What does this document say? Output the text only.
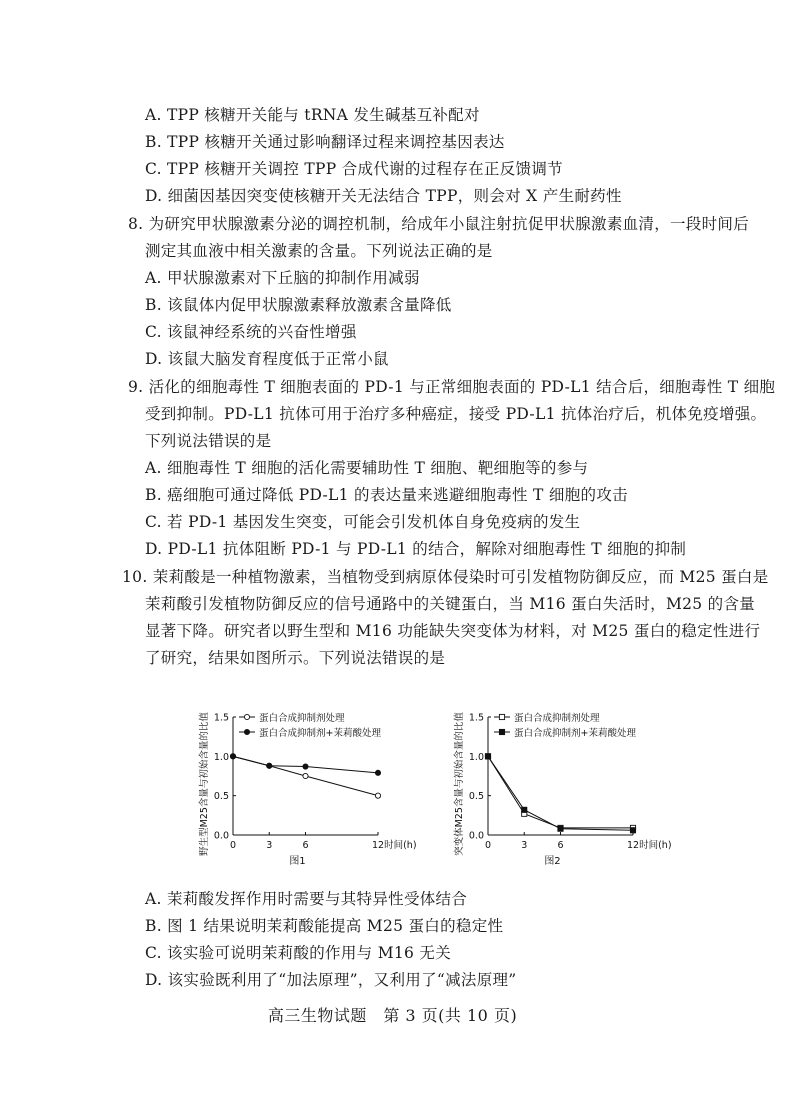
A. TPP 核糖开关能与 tRNA 发生碱基互补配对
B. TPP 核糖开关通过影响翻译过程来调控基因表达
C. TPP 核糖开关调控 TPP 合成代谢的过程存在正反馈调节
D. 细菌因基因突变使核糖开关无法结合 TPP，则会对 X 产生耐药性
8. 为研究甲状腺激素分泌的调控机制，给成年小鼠注射抗促甲状腺激素血清，一段时间后
测定其血液中相关激素的含量。下列说法正确的是
A. 甲状腺激素对下丘脑的抑制作用减弱
B. 该鼠体内促甲状腺激素释放激素含量降低
C. 该鼠神经系统的兴奋性增强
D. 该鼠大脑发育程度低于正常小鼠
9. 活化的细胞毒性 T 细胞表面的 PD-1 与正常细胞表面的 PD-L1 结合后，细胞毒性 T 细胞
受到抑制。PD-L1 抗体可用于治疗多种癌症，接受 PD-L1 抗体治疗后，机体免疫增强。
下列说法错误的是
A. 细胞毒性 T 细胞的活化需要辅助性 T 细胞、靶细胞等的参与
B. 癌细胞可通过降低 PD-L1 的表达量来逃避细胞毒性 T 细胞的攻击
C. 若 PD-1 基因发生突变，可能会引发机体自身免疫病的发生
D. PD-L1 抗体阻断 PD-1 与 PD-L1 的结合，解除对细胞毒性 T 细胞的抑制
10. 茉莉酸是一种植物激素，当植物受到病原体侵染时可引发植物防御反应，而 M25 蛋白是
茉莉酸引发植物防御反应的信号通路中的关键蛋白，当 M16 蛋白失活时，M25 的含量
显著下降。研究者以野生型和 M16 功能缺失突变体为材料，对 M25 蛋白的稳定性进行
了研究，结果如图所示。下列说法错误的是
0.0
0.5
1.0
1.5
0	3	6	12时间(h)
图1
野生型M25含量与初始含量的比值	蛋白合成抑制剂处理
蛋白合成抑制剂+茉莉酸处理
0.0
0.5
1.0
1.5
0	3	6	12时间(h)
图2
突变体M25含量与初始含量的比值	蛋白合成抑制剂处理
蛋白合成抑制剂+茉莉酸处理
A. 茉莉酸发挥作用时需要与其特异性受体结合
B. 图 1 结果说明茉莉酸能提高 M25 蛋白的稳定性
C. 该实验可说明茉莉酸的作用与 M16 无关
D. 该实验既利用了“加法原理”，又利用了“减法原理”
高三生物试题　第 3 页(共 10 页)
